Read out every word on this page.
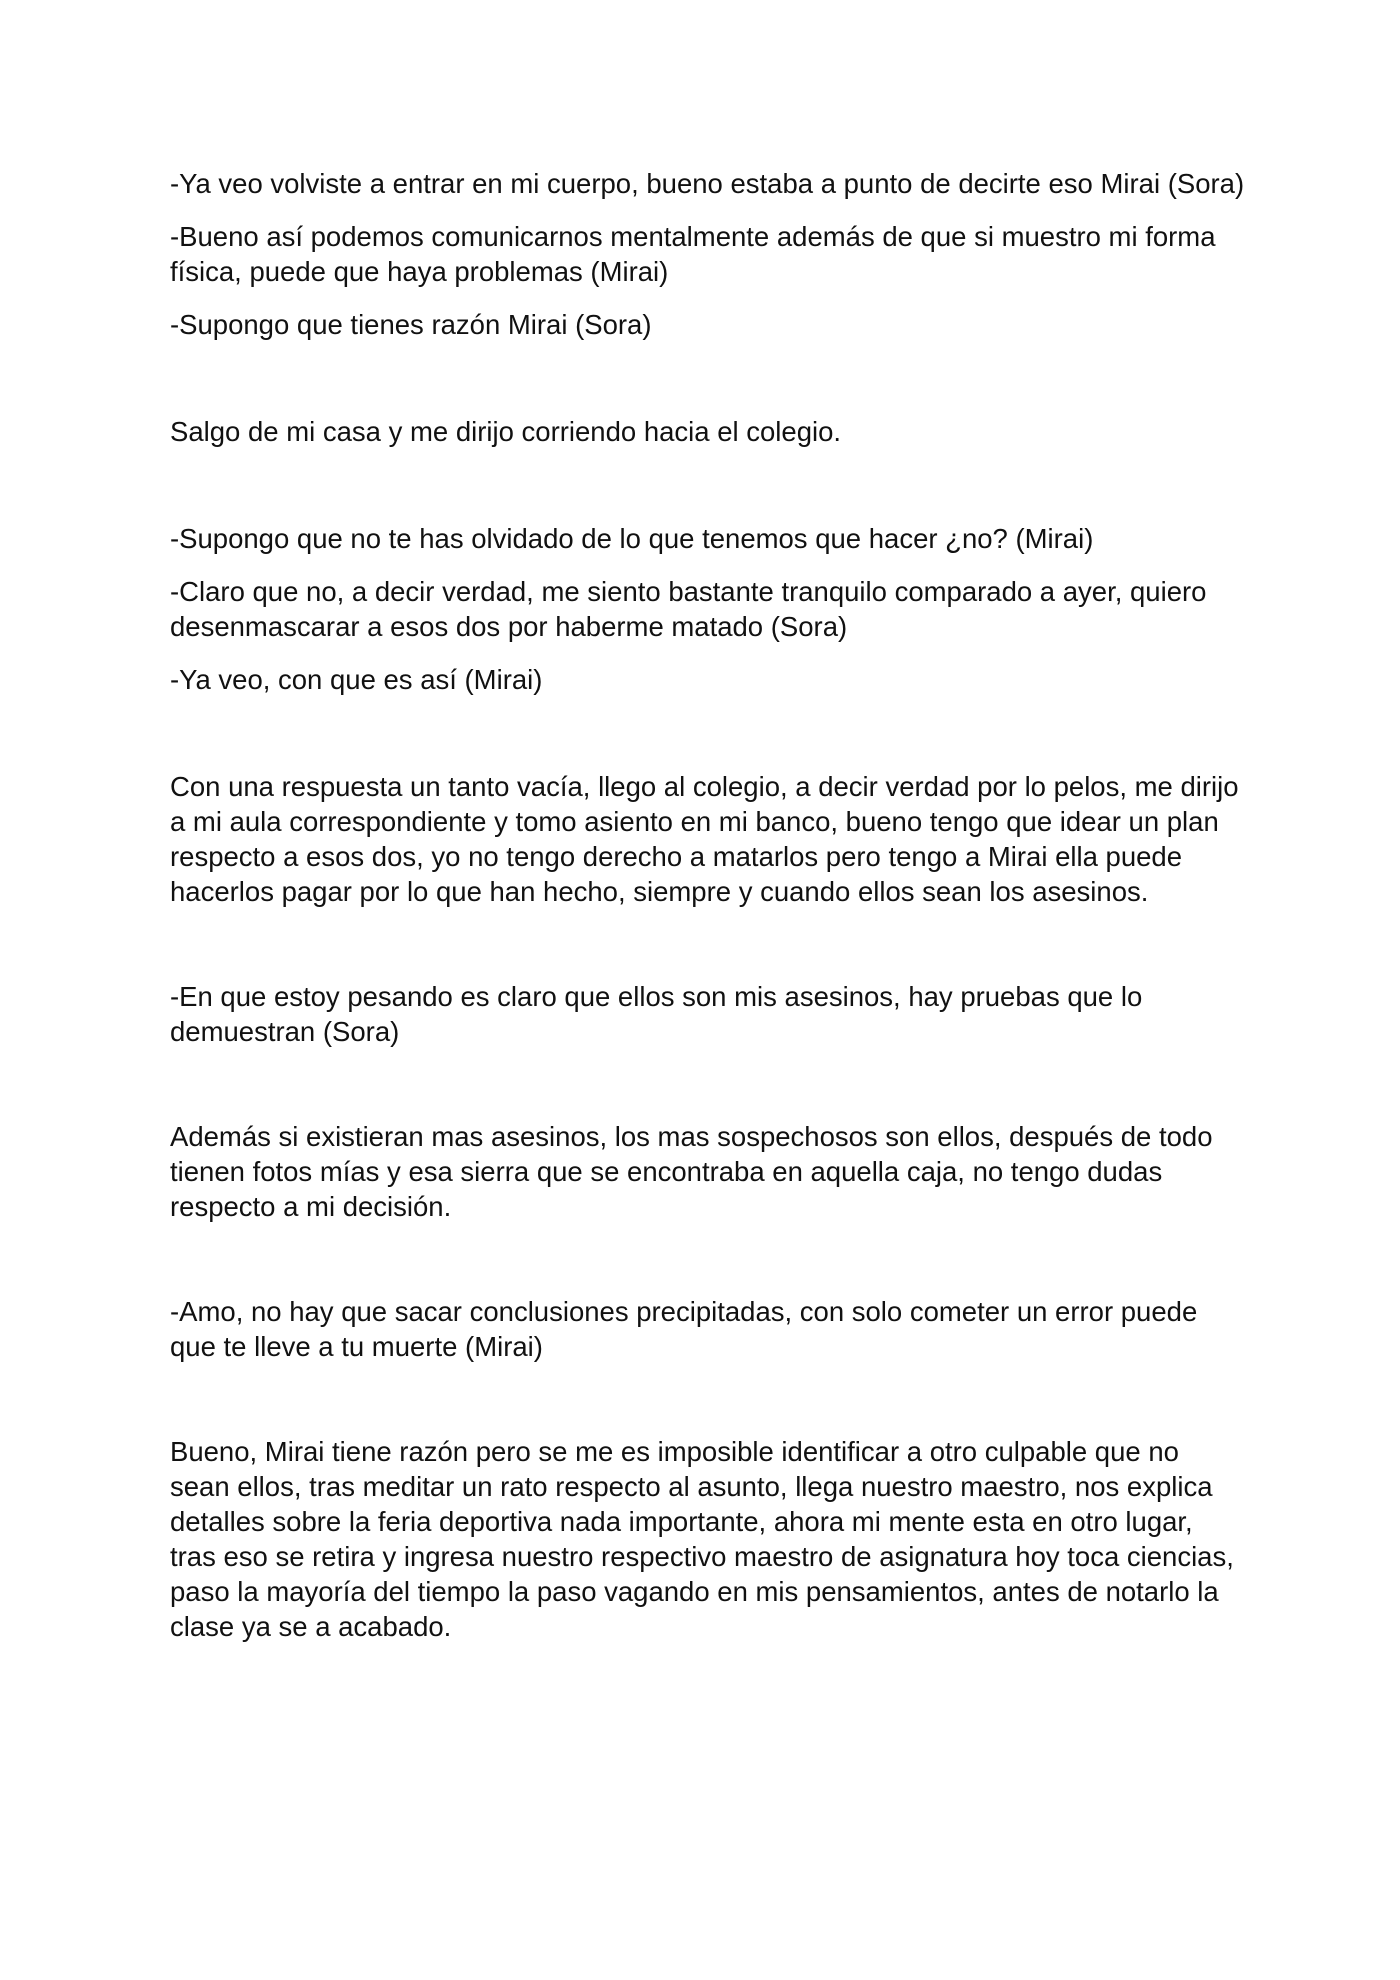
-Ya veo volviste a entrar en mi cuerpo, bueno estaba a punto de decirte eso Mirai (Sora)

-Bueno así podemos comunicarnos mentalmente además de que si muestro mi forma física, puede que haya problemas (Mirai)

-Supongo que tienes razón Mirai (Sora)

Salgo de mi casa y me dirijo corriendo hacia el colegio.

-Supongo que no te has olvidado de lo que tenemos que hacer ¿no? (Mirai)

-Claro que no, a decir verdad, me siento bastante tranquilo comparado a ayer, quiero desenmascarar a esos dos por haberme matado (Sora)

-Ya veo, con que es así (Mirai)

Con una respuesta un tanto vacía, llego al colegio, a decir verdad por lo pelos, me dirijo a mi aula correspondiente y tomo asiento en mi banco, bueno tengo que idear un plan respecto a esos dos, yo no tengo derecho a matarlos pero tengo a Mirai ella puede hacerlos pagar por lo que han hecho, siempre y cuando ellos sean los asesinos.

-En que estoy pesando es claro que ellos son mis asesinos, hay pruebas que lo demuestran (Sora)

Además si existieran mas asesinos, los mas sospechosos son ellos, después de todo tienen fotos mías y esa sierra que se encontraba en aquella caja, no tengo dudas respecto a mi decisión.

-Amo, no hay que sacar conclusiones precipitadas, con solo cometer un error puede que te lleve a tu muerte (Mirai)

Bueno, Mirai tiene razón pero se me es imposible identificar a otro culpable que no sean ellos, tras meditar un rato respecto al asunto, llega nuestro maestro, nos explica detalles sobre la feria deportiva nada importante, ahora mi mente esta en otro lugar, tras eso se retira y ingresa nuestro respectivo maestro de asignatura hoy toca ciencias, paso la mayoría del tiempo la paso vagando en mis pensamientos, antes de notarlo la clase ya se a acabado.
